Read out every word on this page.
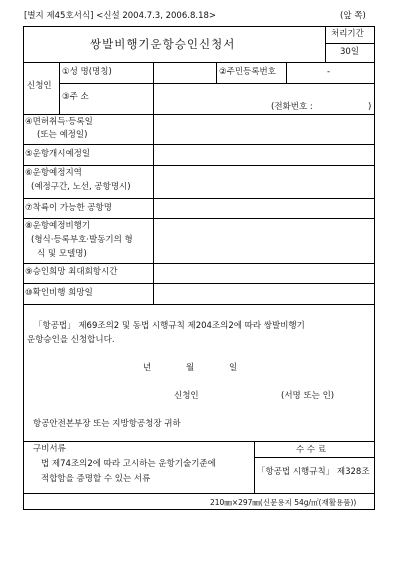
[별지 제45호서식] <신설 2004.7.3, 2006.8.18>	(앞 쪽)
쌍발비행기운항승인신청서
처리기간
30일
신청인
①성 명(명칭)	②주민등록번호	-
③주 소
(전화번호 :	)
④면허취득·등록일
(또는 예정일)
⑤운항개시예정일
⑥운항예정지역
(예정구간, 노선, 공항명시)
⑦착륙이 가능한 공항명
⑧운항예정비행기
(형식·등록부호·발동기의 형
식 및 모델명)
⑨승인희망 최대회항시간
⑩확인비행 희망일
「항공법」 제69조의2 및 동법 시행규칙 제204조의2에 따라 쌍발비행기
운항승인을 신청합니다.
년	월	일
신청인	(서명 또는 인)
항공안전본부장 또는 지방항공청장 귀하
구비서류
법 제74조의2에 따라 고시하는 운항기술기준에
적합함을 증명할 수 있는 서류
수 수 료
「항공법 시행규칙」 제328조
210㎜×297㎜(신문용지 54g/㎡(재활용품))
